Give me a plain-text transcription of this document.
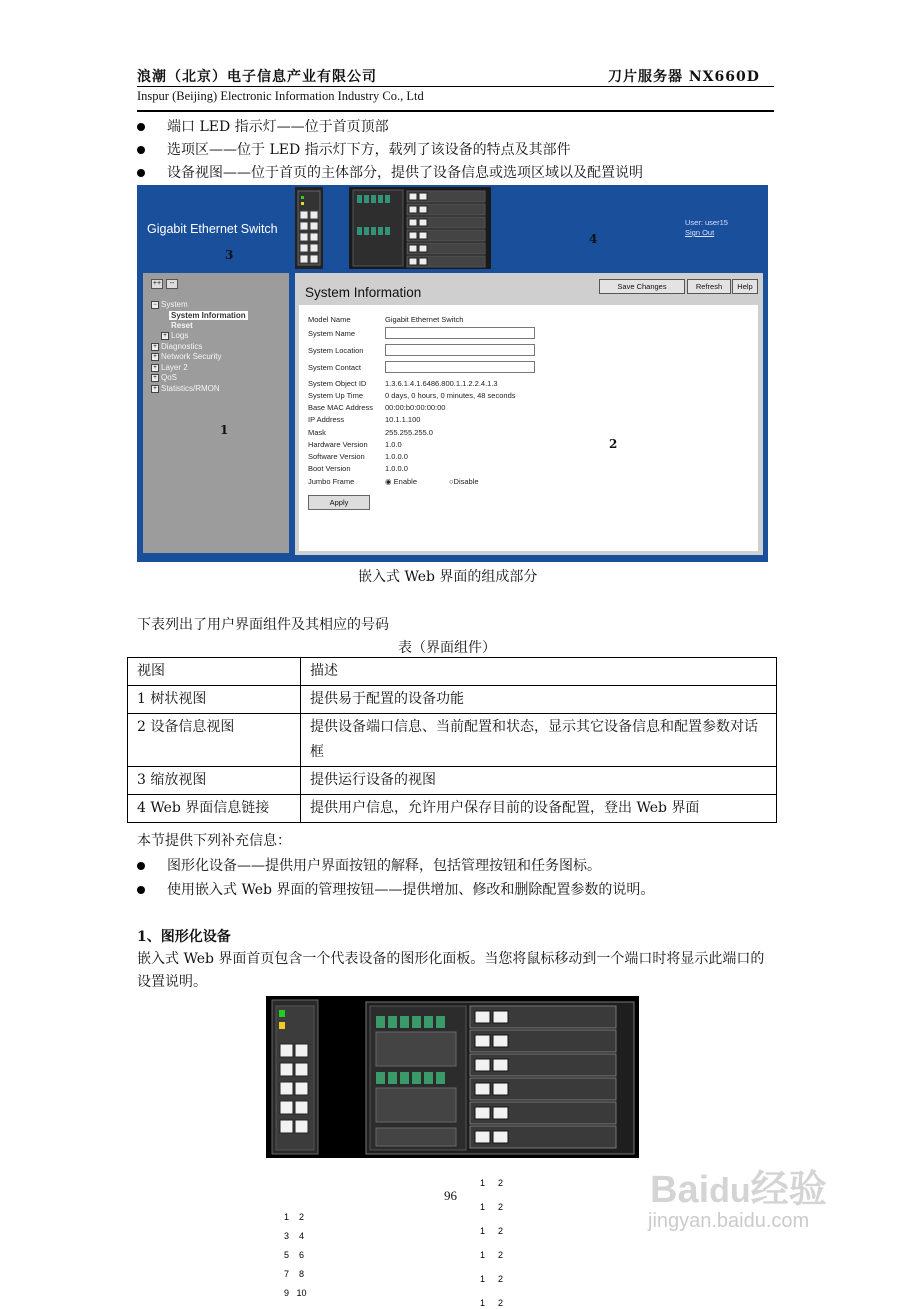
浪潮（北京）电子信息产业有限公司	刀片服务器 NX660D
Inspur (Beijing) Electronic Information Industry Co., Ltd
端口 LED 指示灯——位于首页顶部
选项区——位于 LED 指示灯下方，载列了该设备的特点及其部件
设备视图——位于首页的主体部分，提供了设备信息或选项区域以及配置说明
Gigabit Ethernet Switch
3
4
User: user15
Sign Out
++	--
− System
System Information
Reset
+ Logs
+ Diagnostics
+ Network Security
+ Layer 2
+ QoS
+ Statistics/RMON
1
System Information	Save Changes	Refresh	Help
Model Name	Gigabit Ethernet Switch
System Name
System Location
System Contact
System Object ID 1.3.6.1.4.1.6486.800.1.1.2.2.4.1.3
System Up Time	0 days, 0 hours, 0 minutes, 48 seconds
Base MAC Address 00:00:b0:00:00:00
IP Address	10.1.1.100
Mask	255.255.255.0
Hardware Version 1.0.0
Software Version	1.0.0.0
Boot Version	1.0.0.0
Jumbo Frame	◉ Enable	○Disable
Apply
2
嵌入式 Web 界面的组成部分
下表列出了用户界面组件及其相应的号码
表（界面组件）
视图	描述
1 树状视图	提供易于配置的设备功能
2 设备信息视图	提供设备端口信息、当前配置和状态，显示其它设备信息和配置参数对话框
3 缩放视图	提供运行设备的视图
4 Web 界面信息链接	提供用户信息，允许用户保存目前的设备配置，登出 Web 界面
本节提供下列补充信息：
图形化设备——提供用户界面按钮的解释，包括管理按钮和任务图标。
使用嵌入式 Web 界面的管理按钮——提供增加、修改和删除配置参数的说明。
1、图形化设备
嵌入式 Web 界面首页包含一个代表设备的图形化面板。当您将鼠标移动到一个端口时将显示此端口的设置说明。
1	2
3	4
5	6
7	8
9 10
1	2	1
1	2	2
1	2	3
1	2	4
1	2	5
1	2	6
96	Baidu经验
jingyan.baidu.com
